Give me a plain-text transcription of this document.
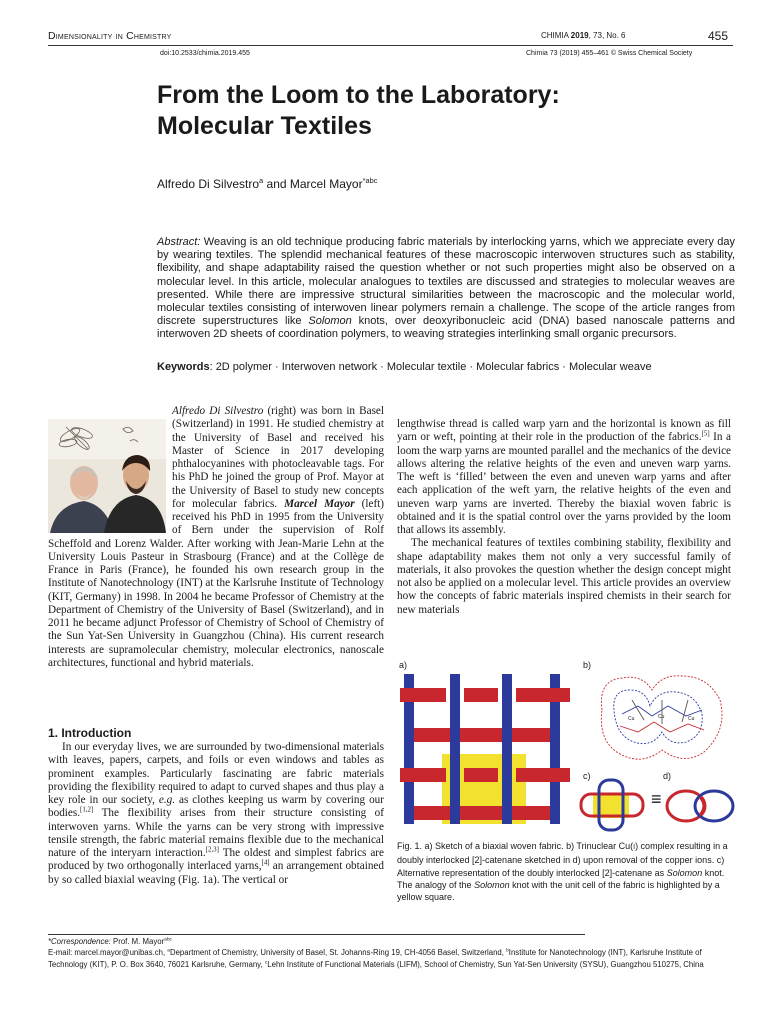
Dimensionality in Chemistry	CHIMIA 2019, 73, No. 6	455
doi:10.2533/chimia.2019.455	Chimia 73 (2019) 455–461 © Swiss Chemical Society
From the Loom to the Laboratory:
Molecular Textiles
Alfredo Di Silvestro$^a$ and Marcel Mayor$^{*abc}$
Abstract: Weaving is an old technique producing fabric materials by interlocking yarns, which we appreciate every day by wearing textiles. The splendid mechanical features of these macroscopic interwoven structures such as stability, flexibility, and shape adaptability raised the question whether or not such properties might also be observed on a molecular level. In this article, molecular analogues to textiles are discussed and strategies to molecular weaves are presented. While there are impressive structural similarities between the macroscopic and the molecular world, molecular textiles consisting of interwoven linear polymers remain a challenge. The scope of the article ranges from discrete superstructures like Solomon knots, over deoxyribonucleic acid (DNA) based nanoscale patterns and interwoven 2D sheets of coordination polymers, to weaving strategies interlinking small organic precursors.
Keywords: 2D polymer · Interwoven network · Molecular textile · Molecular fabrics · Molecular weave
Alfredo Di Silvestro (right) was born in Basel (Switzerland) in 1991. He studied chemistry at the University of Basel and received his Master of Science in 2017 developing phthalocyanines with photocleavable tags. For his PhD he joined the group of Prof. Mayor at the University of Basel to study new concepts for molecular fabrics. Marcel Mayor (left) received his PhD in 1995 from the University of Bern under the supervision of Rolf Scheffold and Lorenz Walder. After working with Jean-Marie Lehn at the University Louis Pasteur in Strasbourg (France) and at the Collège de France in Paris (France), he founded his own research group in the Institute of Nanotechnology (INT) at the Karlsruhe Institute of Technology (KIT, Germany) in 1998. In 2004 he became Professor of Chemistry at the Department of Chemistry of the University of Basel (Switzerland), and in 2011 he became adjunct Professor of Chemistry of School of Chemistry of the Sun Yat-Sen University in Guangzhou (China). His current research interests are supramolecular chemistry, molecular electronics, nanoscale architectures, functional and hybrid materials.
1. Introduction
In our everyday lives, we are surrounded by two-dimensional materials with leaves, papers, carpets, and foils or even windows and tables as prominent examples. Particularly fascinating are fabric materials providing the flexibility required to adapt to curved shapes and thus play a key role in our society, e.g. as clothes keeping us warm by covering our bodies.[1,2] The flexibility arises from their structure consisting of interwoven yarns. While the yarns can be very strong with impressive tensile strength, the fabric material remains flexible due to the mechanical nature of the interyarn interaction.[2,3] The oldest and simplest fabrics are produced by two orthogonally interlaced yarns,[4] an arrangement obtained by so called biaxial weaving (Fig. 1a). The vertical or

lengthwise thread is called warp yarn and the horizontal is known as fill yarn or weft, pointing at their role in the production of the fabrics.[5] In a loom the warp yarns are mounted parallel and the mechanics of the device allows altering the relative heights of the even and uneven warp yarns. The weft is ‘filled’ between the even and uneven warp yarns and after each application of the weft yarn, the relative heights of the even and uneven warp yarns are inverted. Thereby the biaxial woven fabric is obtained and it is the spatial control over the yarns provided by the loom that allows its assembly.

The mechanical features of textiles combining stability, flexibility and shape adaptability makes them not only a very successful family of materials, it also provokes the question whether the design concept might not also be applied on a molecular level. This article provides an overview how the concepts of fabric materials inspired chemists in their search for new materials

a)	b)
c)	d)
Cu	Cu	Cu
≡
Fig. 1. a) Sketch of a biaxial woven fabric. b) Trinuclear Cu(I) complex resulting in a doubly interlocked [2]-catenane sketched in d) upon removal of the copper ions. c) Alternative representation of the doubly interlocked [2]-catenane as Solomon knot. The analogy of the Solomon knot with the unit cell of the fabric is highlighted by a yellow square.
*Correspondence: Prof. M. Mayor$^{abc}$
E-mail: marcel.mayor@unibas.ch, $^a$Department of Chemistry, University of Basel, St. Johanns-Ring 19, CH-4056 Basel, Switzerland, $^b$Institute for Nanotechnology (INT), Karlsruhe Institute of Technology (KIT), P. O. Box 3640, 76021 Karlsruhe, Germany, $^c$Lehn Institute of Functional Materials (LIFM), School of Chemistry, Sun Yat-Sen University (SYSU), Guangzhou 510275, China
